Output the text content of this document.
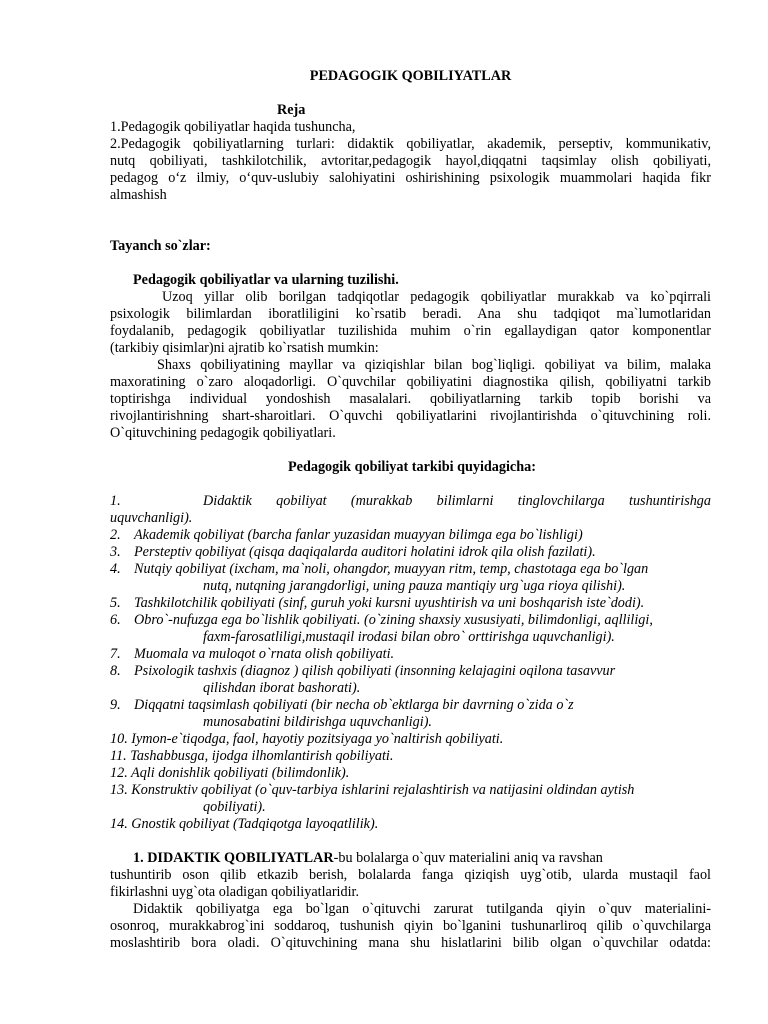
PEDAGOGIK QOBILIYATLAR
Reja
1.Pedagogik qobiliyatlar haqida tushuncha,
2.Pedagogik qobiliyatlarning turlari: didaktik qobiliyatlar, akademik, perseptiv, kommunikativ,
nutq qobiliyati, tashkilotchilik, avtoritar,pedagogik hayol,diqqatni taqsimlay olish qobiliyati,
pedagog o‘z ilmiy, o‘quv-uslubiy salohiyatini oshirishining psixologik muammolari haqida fikr
almashish
Tayanch so`zlar:
Pedagogik qobiliyatlar va ularning tuzilishi.
Uzoq yillar olib borilgan tadqiqotlar pedagogik qobiliyatlar murakkab va ko`pqirrali
psixologik bilimlardan iboratliligini ko`rsatib beradi. Ana shu tadqiqot ma`lumotlaridan
foydalanib, pedagogik qobiliyatlar tuzilishida muhim o`rin egallaydigan qator komponentlar
(tarkibiy qisimlar)ni ajratib ko`rsatish mumkin:
Shaxs qobiliyatining mayllar va qiziqishlar bilan bog`liqligi. qobiliyat va bilim, malaka
maxoratining o`zaro aloqadorligi. O`quvchilar qobiliyatini diagnostika qilish, qobiliyatni tarkib
toptirishga individual yondoshish masalalari. qobiliyatlarning tarkib topib borishi va
rivojlantirishning shart-sharoitlari. O`quvchi qobiliyatlarini rivojlantirishda o`qituvchining roli.
O`qituvchining pedagogik qobiliyatlari.
Pedagogik qobiliyat tarkibi quyidagicha:
1.	Didaktik qobiliyat (murakkab bilimlarni tinglovchilarga tushuntirishga
uquvchanligi).
2. Akademik qobiliyat (barcha fanlar yuzasidan muayyan bilimga ega bo`lishligi)
3. Persteptiv qobiliyat (qisqa daqiqalarda auditori holatini idrok qila olish fazilati).
4. Nutqiy qobiliyat (ixcham, ma`noli, ohangdor, muayyan ritm, temp, chastotaga ega bo`lgan
nutq, nutqning jarangdorligi, uning pauza mantiqiy urg`uga rioya qilishi).
5. Tashkilotchilik qobiliyati (sinf, guruh yoki kursni uyushtirish va uni boshqarish iste`dodi).
6. Obro`-nufuzga ega bo`lishlik qobiliyati. (o`zining shaxsiy xususiyati, bilimdonligi, aqlliligi,
faxm-farosatliligi,mustaqil irodasi bilan obro` orttirishga uquvchanligi).
7. Muomala va muloqot o`rnata olish qobiliyati.
8. Psixologik tashxis (diagnoz ) qilish qobiliyati (insonning kelajagini oqilona tasavvur
qilishdan iborat bashorati).
9. Diqqatni taqsimlash qobiliyati (bir necha ob`ektlarga bir davrning o`zida o`z
munosabatini bildirishga uquvchanligi).
10. Iymon-e`tiqodga, faol, hayotiy pozitsiyaga yo`naltirish qobiliyati.
11. Tashabbusga, ijodga ilhomlantirish qobiliyati.
12. Aqli donishlik qobiliyati (bilimdonlik).
13. Konstruktiv qobiliyat (o`quv-tarbiya ishlarini rejalashtirish va natijasini oldindan aytish
qobiliyati).
14. Gnostik qobiliyat (Tadqiqotga layoqatlilik).
1. DIDAKTIK QOBILIYATLAR-bu bolalarga o`quv materialini aniq va ravshan
tushuntirib oson qilib etkazib berish, bolalarda fanga qiziqish uyg`otib, ularda mustaqil faol
fikirlashni uyg`ota oladigan qobiliyatlaridir.
Didaktik qobiliyatga ega bo`lgan o`qituvchi zarurat tutilganda qiyin o`quv materialini-
osonroq, murakkabrog`ini soddaroq, tushunish qiyin bo`lganini tushunarliroq qilib o`quvchilarga
moslashtirib bora oladi. O`qituvchining mana shu hislatlarini bilib olgan o`quvchilar odatda:
